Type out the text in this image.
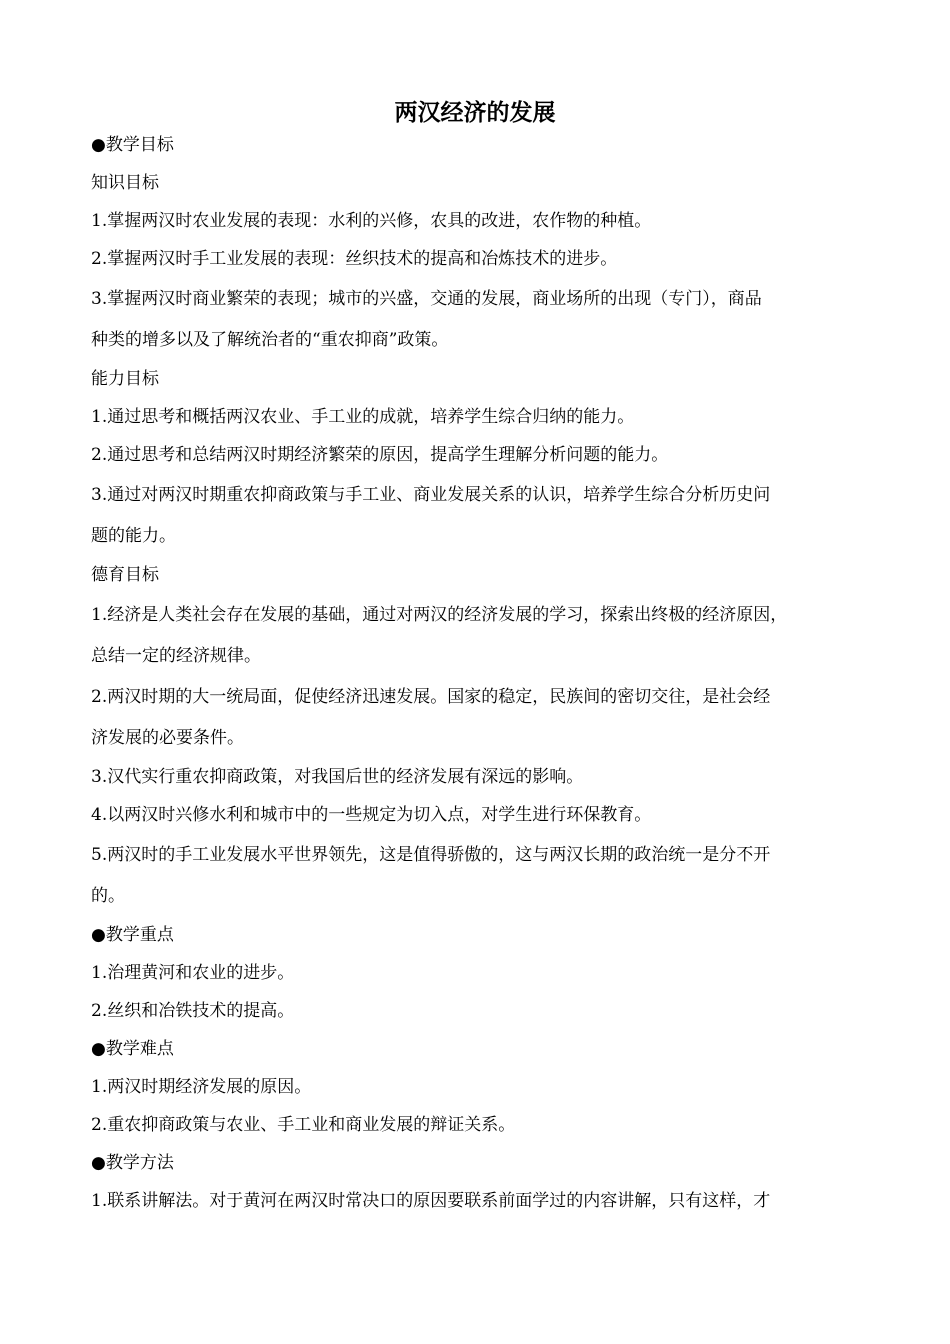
两汉经济的发展
●教学目标
知识目标
1.掌握两汉时农业发展的表现：水利的兴修，农具的改进，农作物的种植。
2.掌握两汉时手工业发展的表现：丝织技术的提高和冶炼技术的进步。
3.掌握两汉时商业繁荣的表现；城市的兴盛，交通的发展，商业场所的出现（专门），商品
种类的增多以及了解统治者的“重农抑商”政策。
能力目标
1.通过思考和概括两汉农业、手工业的成就，培养学生综合归纳的能力。
2.通过思考和总结两汉时期经济繁荣的原因，提高学生理解分析问题的能力。
3.通过对两汉时期重农抑商政策与手工业、商业发展关系的认识，培养学生综合分析历史问
题的能力。
德育目标
1.经济是人类社会存在发展的基础，通过对两汉的经济发展的学习，探索出终极的经济原因，
总结一定的经济规律。
2.两汉时期的大一统局面，促使经济迅速发展。国家的稳定，民族间的密切交往，是社会经
济发展的必要条件。
3.汉代实行重农抑商政策，对我国后世的经济发展有深远的影响。
4.以两汉时兴修水利和城市中的一些规定为切入点，对学生进行环保教育。
5.两汉时的手工业发展水平世界领先，这是值得骄傲的，这与两汉长期的政治统一是分不开
的。
●教学重点
1.治理黄河和农业的进步。
2.丝织和冶铁技术的提高。
●教学难点
1.两汉时期经济发展的原因。
2.重农抑商政策与农业、手工业和商业发展的辩证关系。
●教学方法
1.联系讲解法。对于黄河在两汉时常决口的原因要联系前面学过的内容讲解，只有这样，才
